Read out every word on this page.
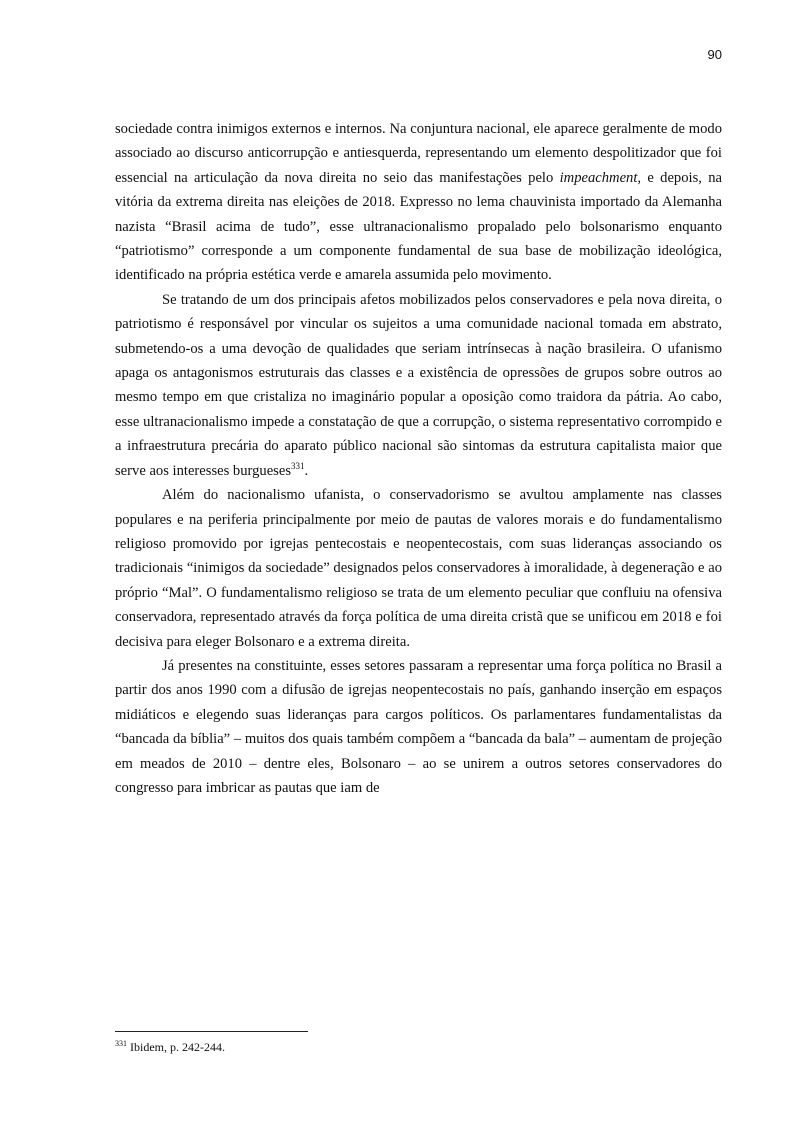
90

sociedade contra inimigos externos e internos. Na conjuntura nacional, ele aparece geralmente de modo associado ao discurso anticorrupção e antiesquerda, representando um elemento despolitizador que foi essencial na articulação da nova direita no seio das manifestações pelo impeachment, e depois, na vitória da extrema direita nas eleições de 2018. Expresso no lema chauvinista importado da Alemanha nazista “Brasil acima de tudo”, esse ultranacionalismo propalado pelo bolsonarismo enquanto “patriotismo” corresponde a um componente fundamental de sua base de mobilização ideológica, identificado na própria estética verde e amarela assumida pelo movimento.

Se tratando de um dos principais afetos mobilizados pelos conservadores e pela nova direita, o patriotismo é responsável por vincular os sujeitos a uma comunidade nacional tomada em abstrato, submetendo-os a uma devoção de qualidades que seriam intrínsecas à nação brasileira. O ufanismo apaga os antagonismos estruturais das classes e a existência de opressões de grupos sobre outros ao mesmo tempo em que cristaliza no imaginário popular a oposição como traidora da pátria. Ao cabo, esse ultranacionalismo impede a constatação de que a corrupção, o sistema representativo corrompido e a infraestrutura precária do aparato público nacional são sintomas da estrutura capitalista maior que serve aos interesses burgueses$^{331}$.

Além do nacionalismo ufanista, o conservadorismo se avultou amplamente nas classes populares e na periferia principalmente por meio de pautas de valores morais e do fundamentalismo religioso promovido por igrejas pentecostais e neopentecostais, com suas lideranças associando os tradicionais “inimigos da sociedade” designados pelos conservadores à imoralidade, à degeneração e ao próprio “Mal”. O fundamentalismo religioso se trata de um elemento peculiar que confluiu na ofensiva conservadora, representado através da força política de uma direita cristã que se unificou em 2018 e foi decisiva para eleger Bolsonaro e a extrema direita.

Já presentes na constituinte, esses setores passaram a representar uma força política no Brasil a partir dos anos 1990 com a difusão de igrejas neopentecostais no país, ganhando inserção em espaços midiáticos e elegendo suas lideranças para cargos políticos. Os parlamentares fundamentalistas da “bancada da bíblia” – muitos dos quais também compõem a “bancada da bala” – aumentam de projeção em meados de 2010 – dentre eles, Bolsonaro – ao se unirem a outros setores conservadores do congresso para imbricar as pautas que iam de

$^{331}$ Ibidem, p. 242-244.
